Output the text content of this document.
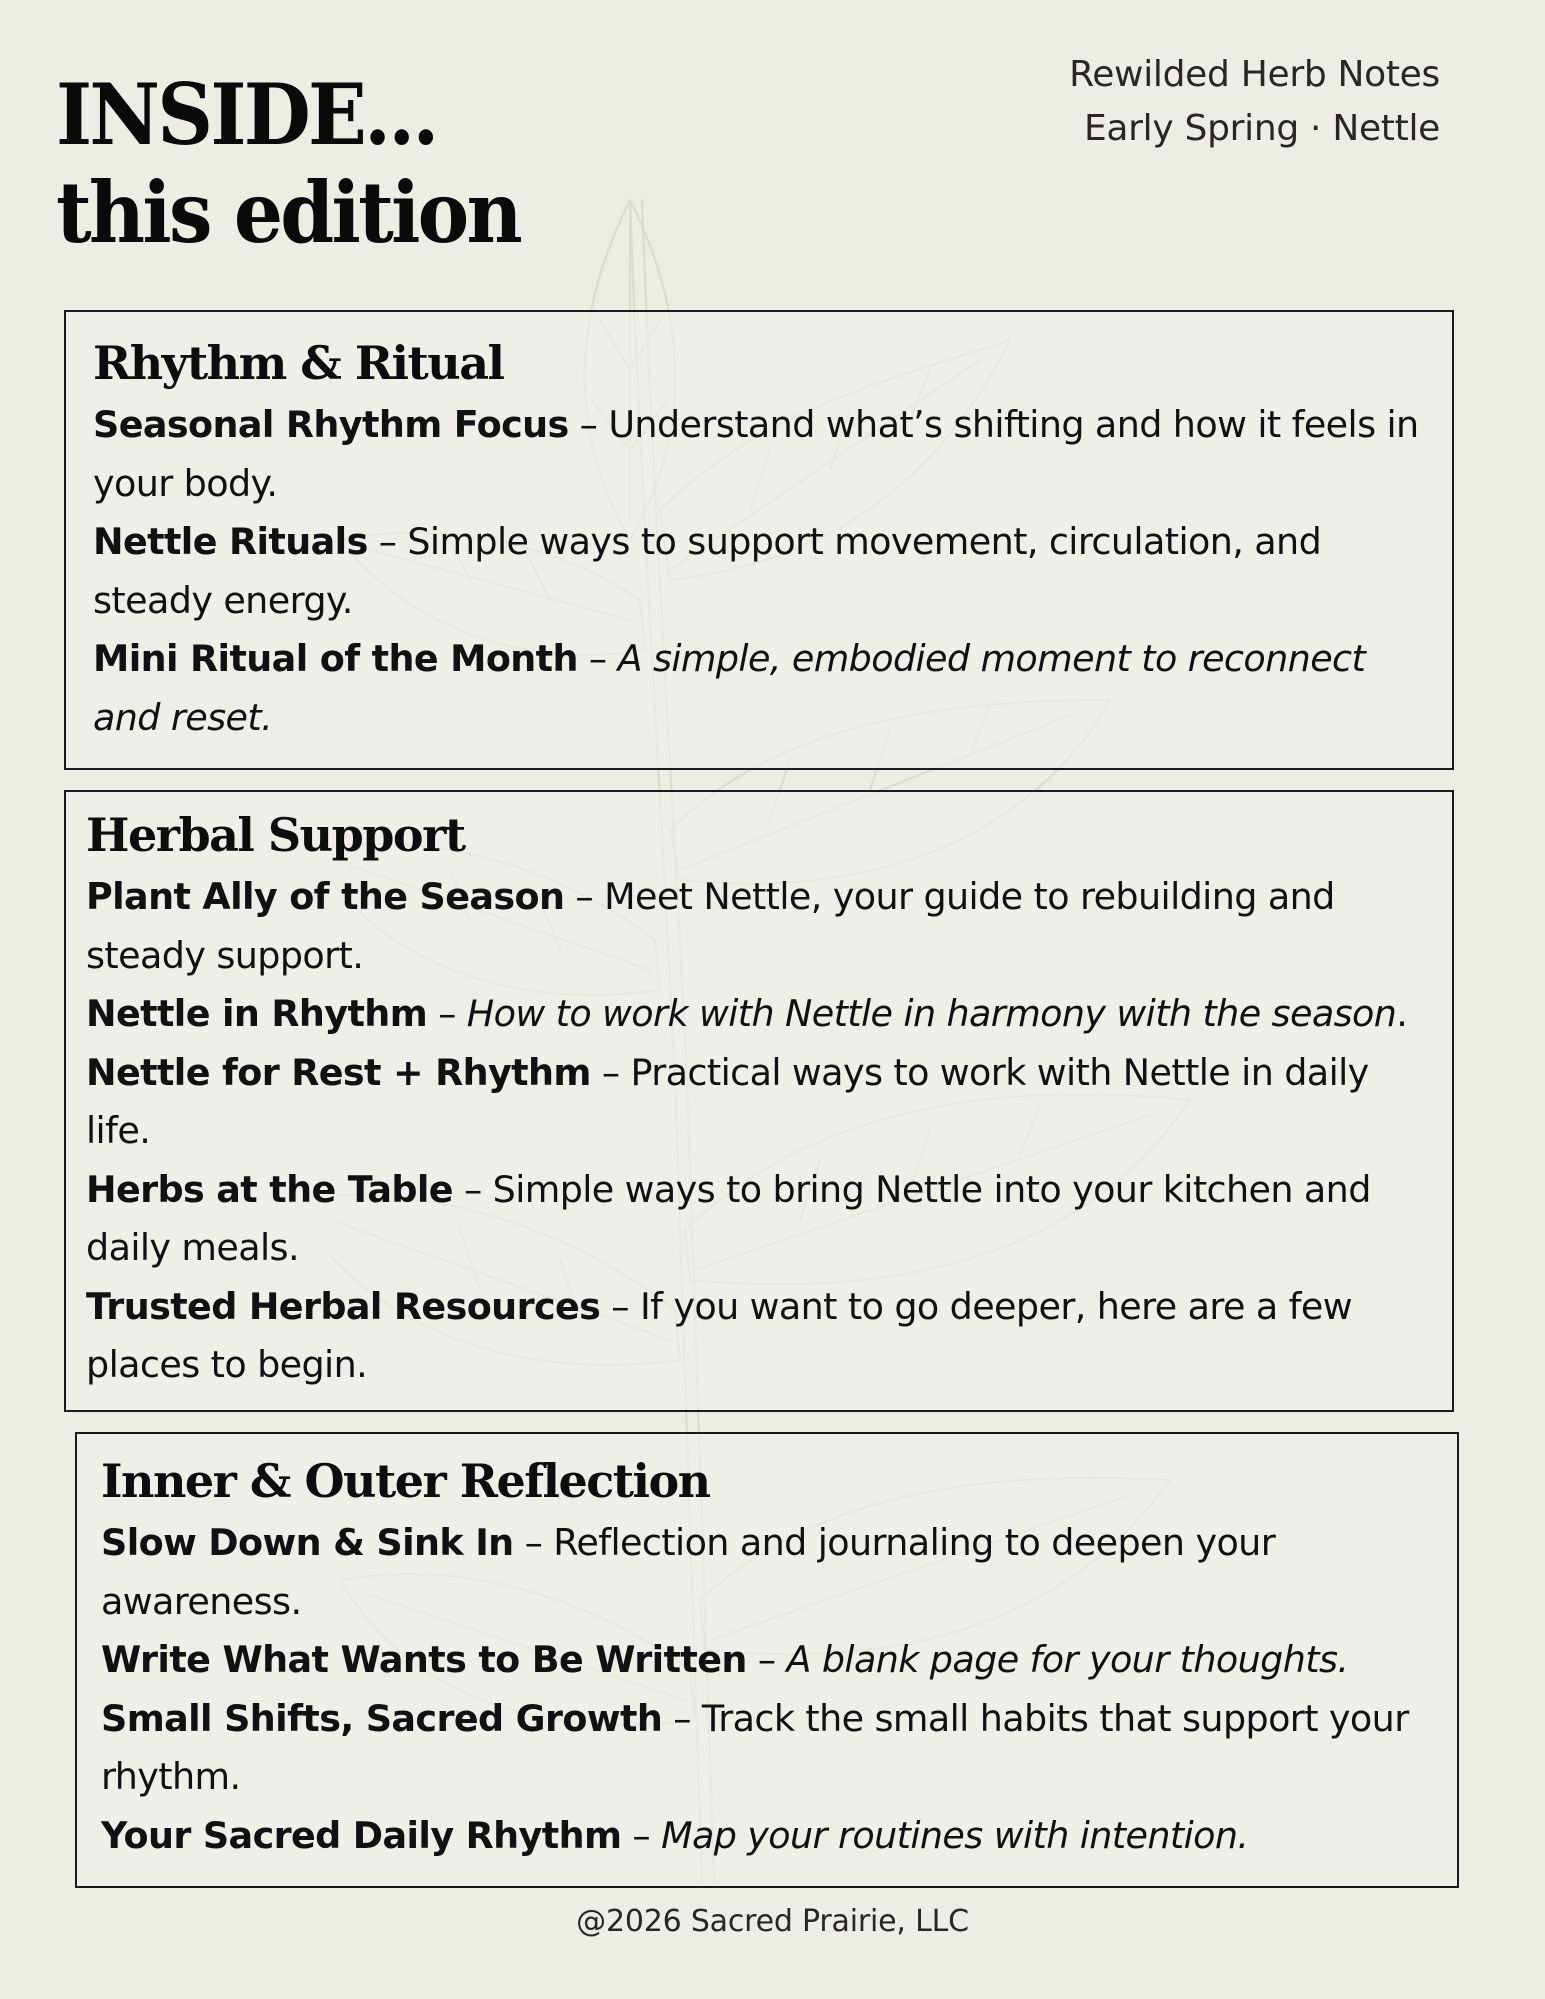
INSIDE...
this edition
Rewilded Herb Notes
Early Spring · Nettle
Rhythm & Ritual

Seasonal Rhythm Focus – Understand what’s shifting and how it feels in your body.

Nettle Rituals – Simple ways to support movement, circulation, and steady energy.

Mini Ritual of the Month – A simple, embodied moment to reconnect and reset.

Herbal Support

Plant Ally of the Season – Meet Nettle, your guide to rebuilding and steady support.

Nettle in Rhythm – How to work with Nettle in harmony with the season.

Nettle for Rest + Rhythm – Practical ways to work with Nettle in daily life.

Herbs at the Table – Simple ways to bring Nettle into your kitchen and daily meals.

Trusted Herbal Resources – If you want to go deeper, here are a few places to begin.

Inner & Outer Reflection

Slow Down & Sink In – Reflection and journaling to deepen your awareness.

Write What Wants to Be Written – A blank page for your thoughts.

Small Shifts, Sacred Growth – Track the small habits that support your rhythm.

Your Sacred Daily Rhythm – Map your routines with intention.

@2026 Sacred Prairie, LLC
